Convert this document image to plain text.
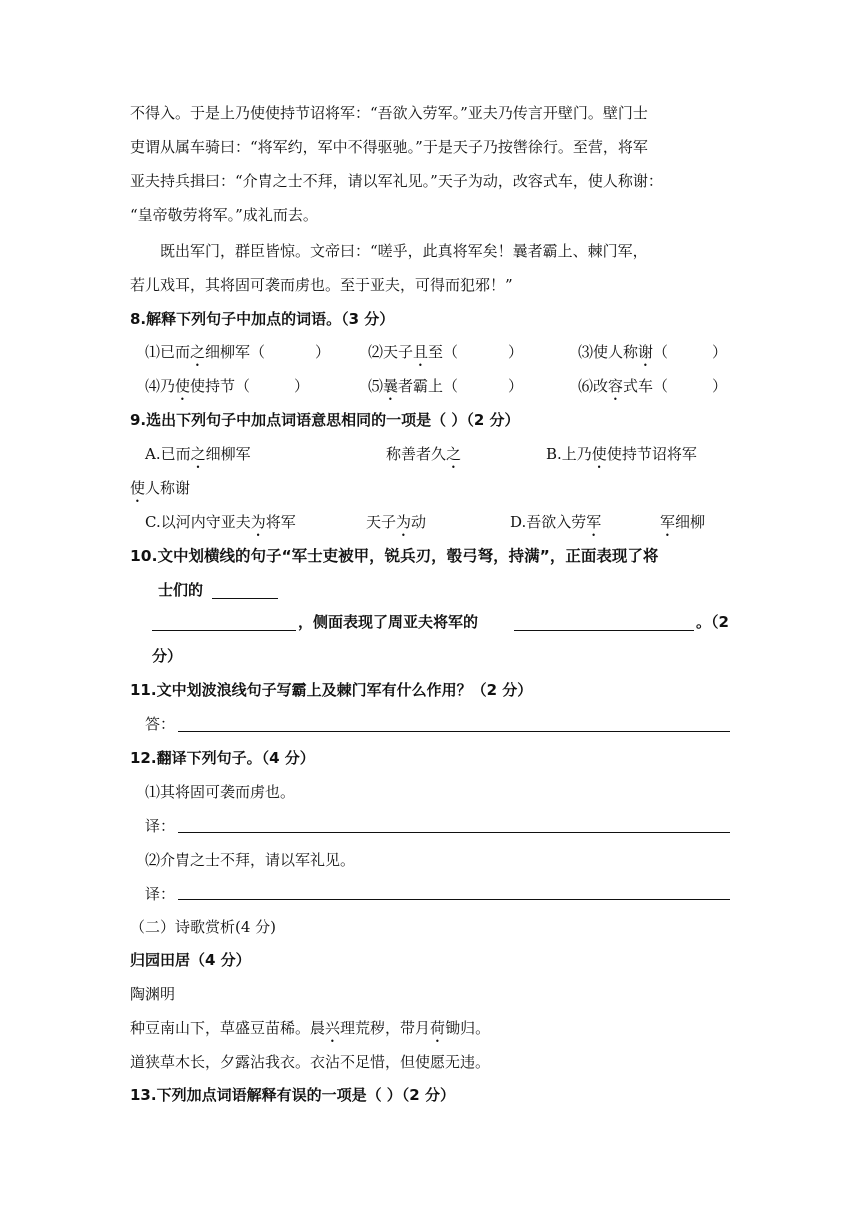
不得入。于是上乃使使持节诏将军：“吾欲入劳军。”亚夫乃传言开壁门。壁门士
吏谓从属车骑曰：“将军约，军中不得驱驰。”于是天子乃按辔徐行。至营，将军
亚夫持兵揖曰：“介胄之士不拜，请以军礼见。”天子为动，改容式车，使人称谢：
“皇帝敬劳将军。”成礼而去。
既出军门，群臣皆惊。文帝曰：“嗟乎，此真将军矣！曩者霸上、棘门军，
若儿戏耳，其将固可袭而虏也。至于亚夫，可得而犯邪！”
8.解释下列句子中加点的词语。（3 分）
⑴已而之细柳军（	）	⑵天子且至（	）	⑶使人称谢（	）
⑷乃使使持节（	）	⑸曩者霸上（	）	⑹改容式车（	）
9.选出下列句子中加点词语意思相同的一项是（ ）（2 分）
A.已而之细柳军	称善者久之	B.上乃使使持节诏将军
使人称谢
C.以河内守亚夫为将军	天子为动	D.吾欲入劳军	军细柳
10.文中划横线的句子“军士吏被甲，锐兵刃，彀弓弩，持满”，正面表现了将
士们的
，侧面表现了周亚夫将军的	。（2
分）
11.文中划波浪线句子写霸上及棘门军有什么作用？（2 分）
答：
12.翻译下列句子。（4 分）
⑴其将固可袭而虏也。
译：
⑵介胄之士不拜，请以军礼见。
译：
（二）诗歌赏析(4 分)
归园田居（4 分）
陶渊明
种豆南山下，草盛豆苗稀。晨兴理荒秽，带月荷锄归。
道狭草木长，夕露沾我衣。衣沾不足惜，但使愿无违。
13.下列加点词语解释有误的一项是（ ）（2 分）
